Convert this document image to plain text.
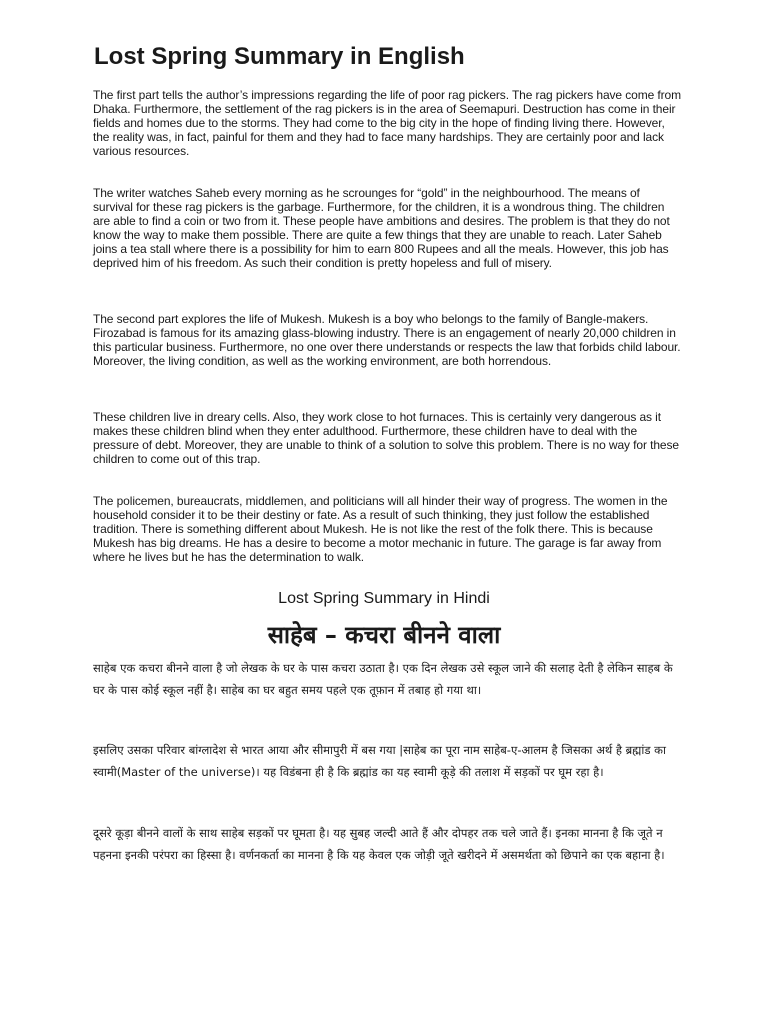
Lost Spring Summary in English

The first part tells the author’s impressions regarding the life of poor rag pickers. The rag pickers have come from Dhaka. Furthermore, the settlement of the rag pickers is in the area of Seemapuri. Destruction has come in their fields and homes due to the storms. They had come to the big city in the hope of finding living there. However, the reality was, in fact, painful for them and they had to face many hardships. They are certainly poor and lack various resources.

The writer watches Saheb every morning as he scrounges for “gold” in the neighbourhood. The means of survival for these rag pickers is the garbage. Furthermore, for the children, it is a wondrous thing. The children are able to find a coin or two from it. These people have ambitions and desires. The problem is that they do not know the way to make them possible. There are quite a few things that they are unable to reach. Later Saheb joins a tea stall where there is a possibility for him to earn 800 Rupees and all the meals. However, this job has deprived him of his freedom. As such their condition is pretty hopeless and full of misery.

The second part explores the life of Mukesh. Mukesh is a boy who belongs to the family of Bangle-makers. Firozabad is famous for its amazing glass-blowing industry. There is an engagement of nearly 20,000 children in this particular business. Furthermore, no one over there understands or respects the law that forbids child labour. Moreover, the living condition, as well as the working environment, are both horrendous.

These children live in dreary cells. Also, they work close to hot furnaces. This is certainly very dangerous as it makes these children blind when they enter adulthood. Furthermore, these children have to deal with the pressure of debt. Moreover, they are unable to think of a solution to solve this problem. There is no way for these children to come out of this trap.

The policemen, bureaucrats, middlemen, and politicians will all hinder their way of progress. The women in the household consider it to be their destiny or fate. As a result of such thinking, they just follow the established tradition. There is something different about Mukesh. He is not like the rest of the folk there. This is because Mukesh has big dreams. He has a desire to become a motor mechanic in future. The garage is far away from where he lives but he has the determination to walk.

Lost Spring Summary in Hindi
साहेब – कचरा बीनने वाला

साहेब एक कचरा बीनने वाला है जो लेखक के घर के पास कचरा उठाता है। एक दिन लेखक उसे स्कूल जाने की सलाह देती है लेकिन साहब के घर के पास कोई स्कूल नहीं है। साहेब का घर बहुत समय पहले एक तूफ़ान में तबाह हो गया था।

इसलिए उसका परिवार बांग्लादेश से भारत आया और सीमापुरी में बस गया |साहेब का पूरा नाम साहेब-ए-आलम है जिसका अर्थ है ब्रह्मांड का स्वामी(Master of the universe)। यह विडंबना ही है कि ब्रह्मांड का यह स्वामी कूड़े की तलाश में सड़कों पर घूम रहा है।

दूसरे कूड़ा बीनने वालों के साथ साहेब सड़कों पर घूमता है। यह सुबह जल्दी आते हैं और दोपहर तक चले जाते हैं। इनका मानना है कि जूते न पहनना इनकी परंपरा का हिस्सा है। वर्णनकर्ता का मानना है कि यह केवल एक जोड़ी जूते खरीदने में असमर्थता को छिपाने का एक बहाना है।
